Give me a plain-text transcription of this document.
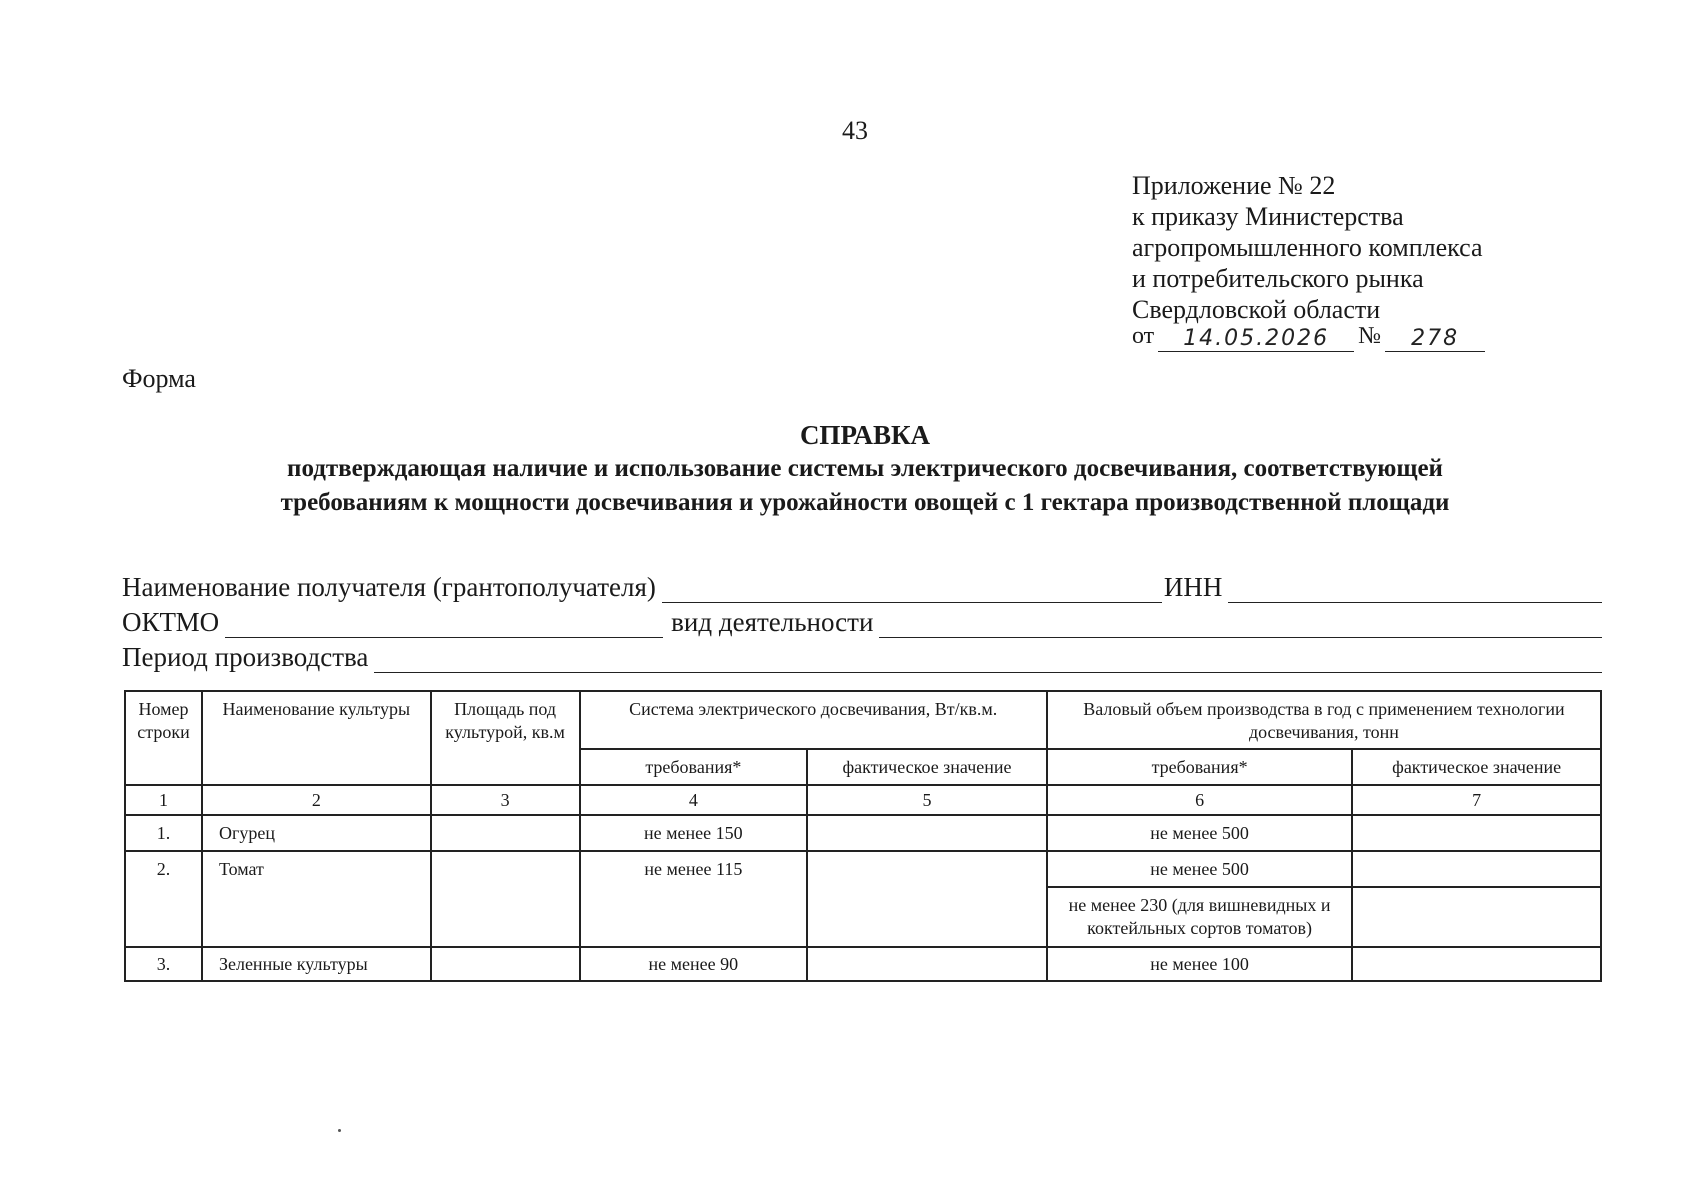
43
Приложение № 22
к приказу Министерства
агропромышленного комплекса
и потребительского рынка
Свердловской области
от	14.05.2026	№	278
Форма
СПРАВКА
подтверждающая наличие и использование системы электрического досвечивания, соответствующей
требованиям к мощности досвечивания и урожайности овощей с 1 гектара производственной площади
Наименование получателя (грантополучателя)	ИНН
ОКТМО	вид деятельности
Период производства
Номер строки	Наименование культуры	Площадь под культурой, кв.м	Система электрического досвечивания, Вт/кв.м.		Валовый объем производства в год с применением технологии досвечивания, тонн	
			требования*	фактическое значение	требования*	фактическое значение
1	2	3	4	5	6	7
1.	Огурец		не менее 150		не менее 500	
2.	Томат		не менее 115		не менее 500	
					не менее 230 (для вишневидных и коктейльных сортов томатов)	
3.	Зеленные культуры		не менее 90		не менее 100	
